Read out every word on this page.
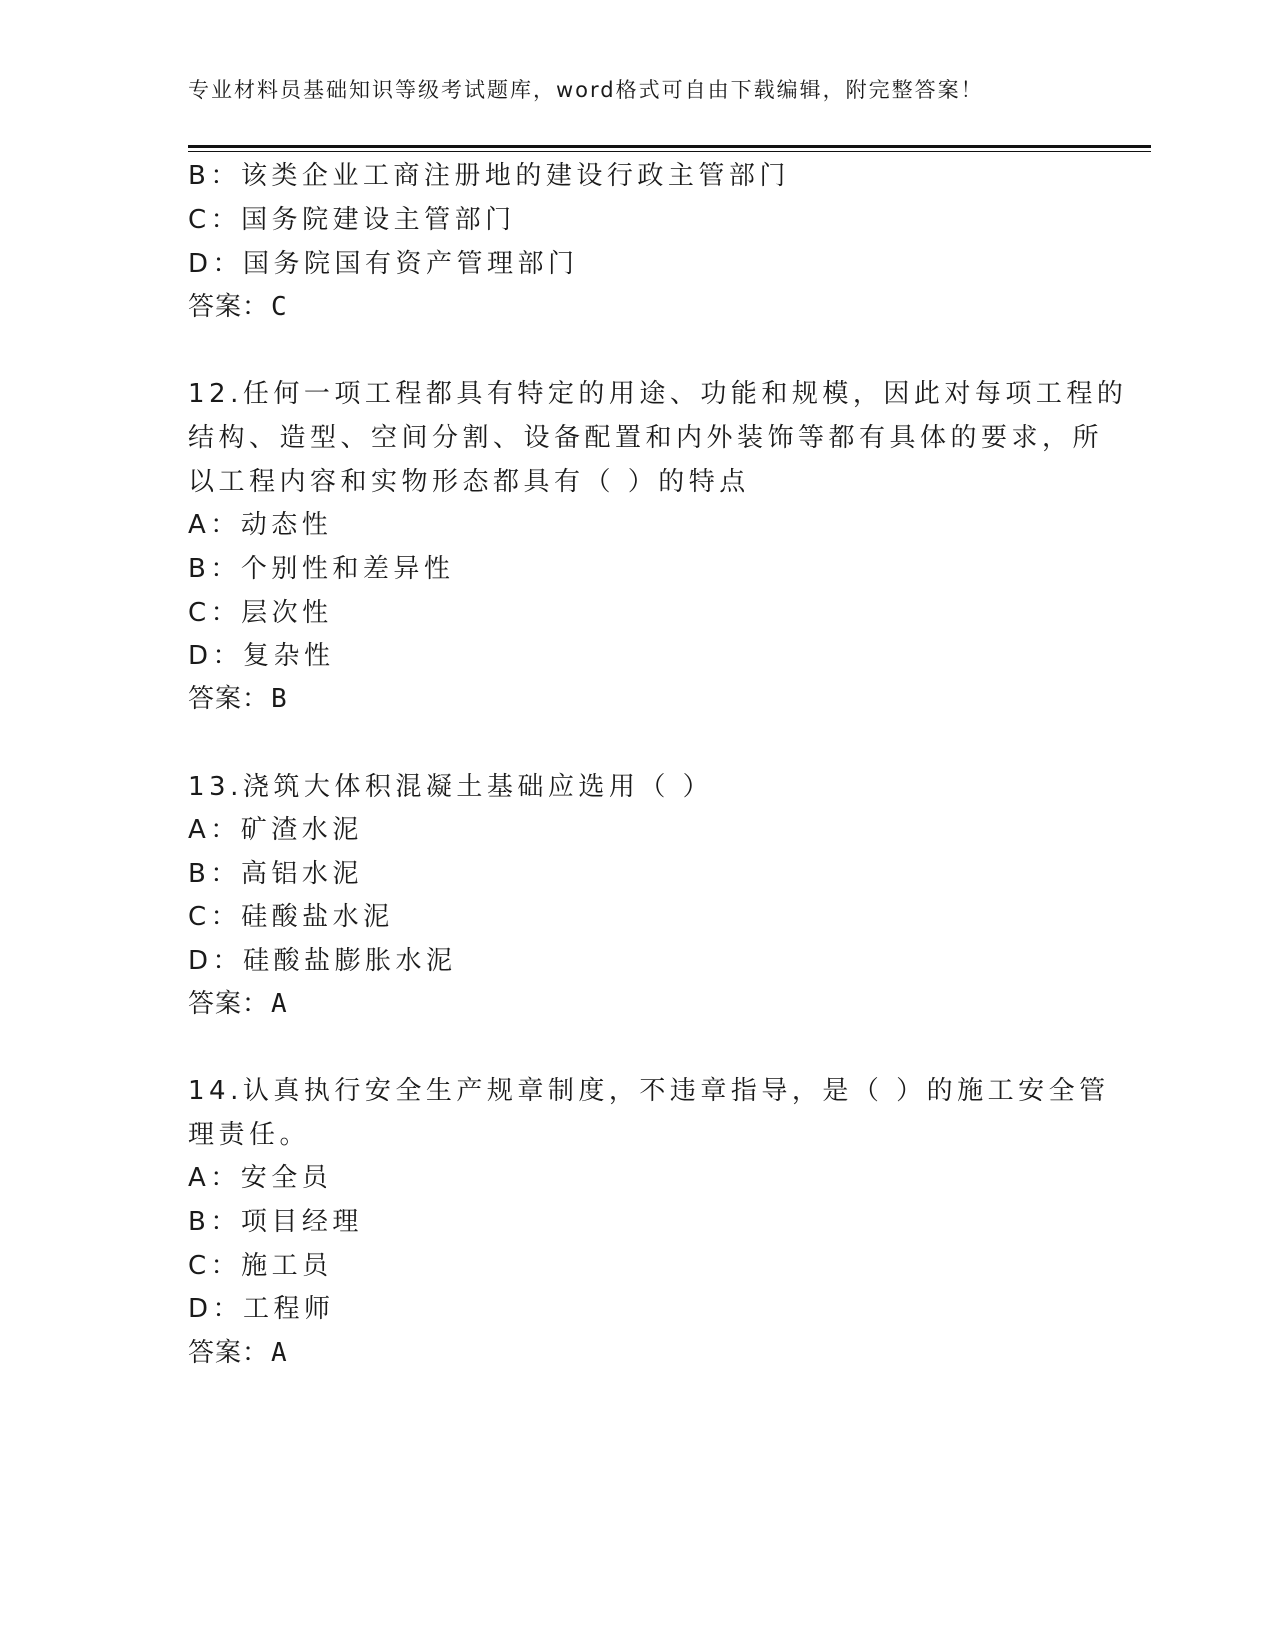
专业材料员基础知识等级考试题库，word格式可自由下载编辑，附完整答案！
B：该类企业工商注册地的建设行政主管部门
C：国务院建设主管部门
D：国务院国有资产管理部门
答案：C
12.任何一项工程都具有特定的用途、功能和规模，因此对每项工程的
结构、造型、空间分割、设备配置和内外装饰等都有具体的要求，所
以工程内容和实物形态都具有（ ）的特点
A：动态性
B：个别性和差异性
C：层次性
D：复杂性
答案：B
13.浇筑大体积混凝土基础应选用（ ）
A：矿渣水泥
B：高铝水泥
C：硅酸盐水泥
D：硅酸盐膨胀水泥
答案：A
14.认真执行安全生产规章制度，不违章指导，是（ ）的施工安全管
理责任。
A：安全员
B：项目经理
C：施工员
D：工程师
答案：A
